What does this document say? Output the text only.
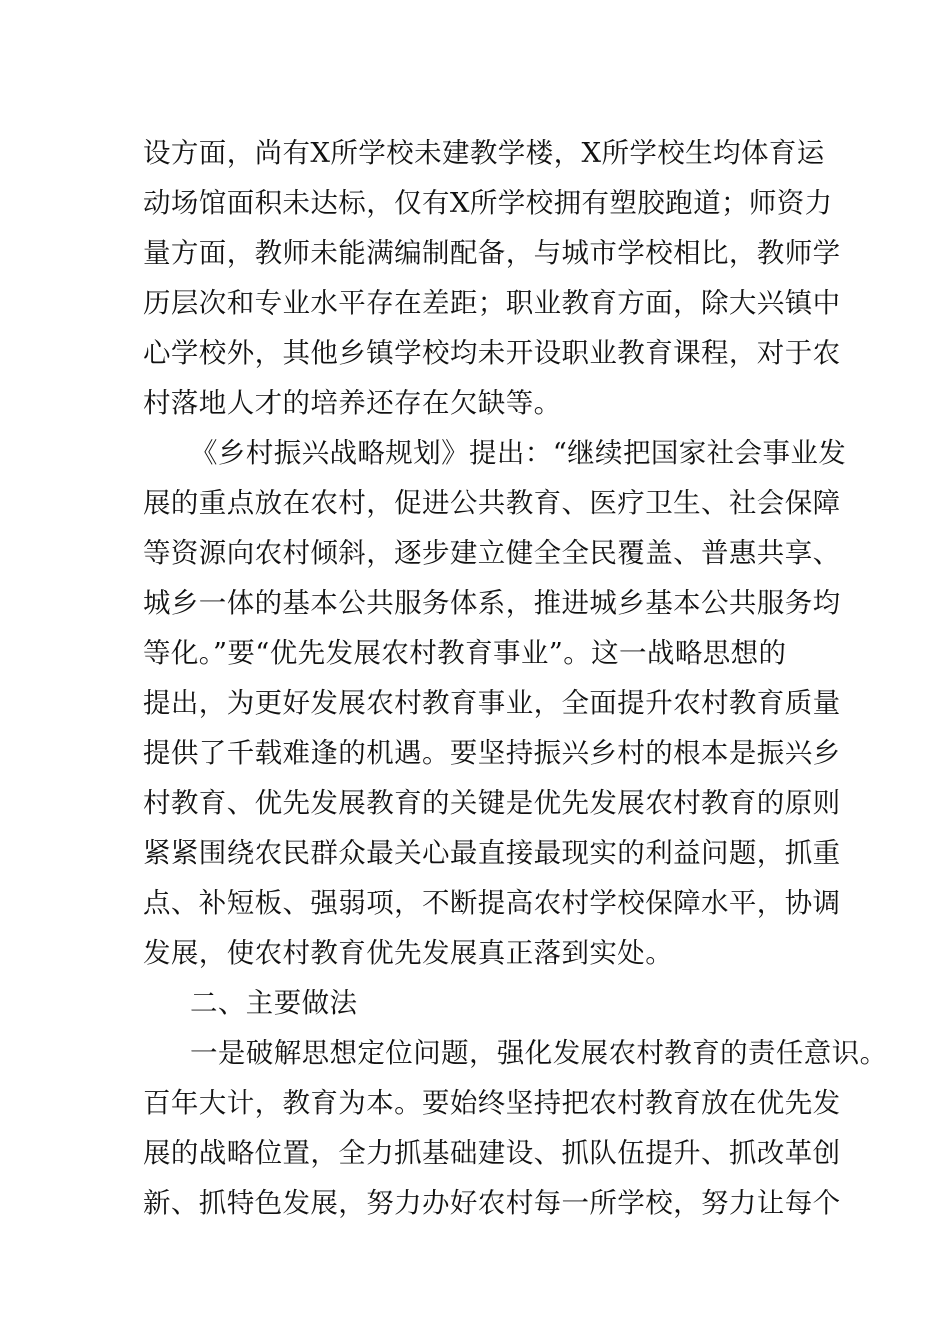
设方面，尚有X所学校未建教学楼，X所学校生均体育运
动场馆面积未达标，仅有X所学校拥有塑胶跑道；师资力
量方面，教师未能满编制配备，与城市学校相比，教师学
历层次和专业水平存在差距；职业教育方面，除大兴镇中
心学校外，其他乡镇学校均未开设职业教育课程，对于农
村落地人才的培养还存在欠缺等。
《乡村振兴战略规划》提出：“继续把国家社会事业发
展的重点放在农村，促进公共教育、医疗卫生、社会保障
等资源向农村倾斜，逐步建立健全全民覆盖、普惠共享、
城乡一体的基本公共服务体系，推进城乡基本公共服务均
等化。”要“优先发展农村教育事业”。这一战略思想的
提出，为更好发展农村教育事业，全面提升农村教育质量
提供了千载难逢的机遇。要坚持振兴乡村的根本是振兴乡
村教育、优先发展教育的关键是优先发展农村教育的原则
紧紧围绕农民群众最关心最直接最现实的利益问题，抓重
点、补短板、强弱项，不断提高农村学校保障水平，协调
发展，使农村教育优先发展真正落到实处。
二、主要做法
一是破解思想定位问题，强化发展农村教育的责任意识。
百年大计，教育为本。要始终坚持把农村教育放在优先发
展的战略位置，全力抓基础建设、抓队伍提升、抓改革创
新、抓特色发展，努力办好农村每一所学校，努力让每个
